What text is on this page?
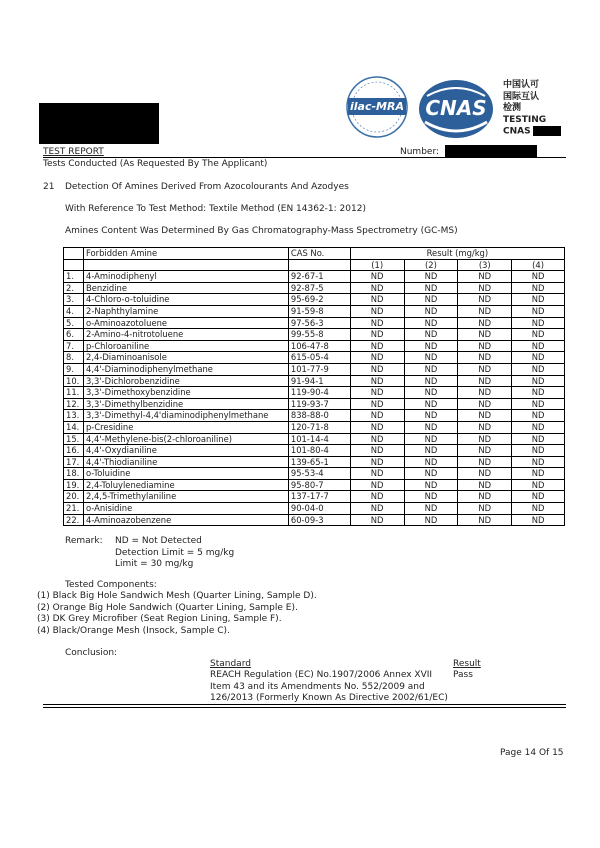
ilac-MRA	CNAS
中国认可
国际互认
检测
TESTING
CNAS
TEST REPORT	Number:
Tests Conducted (As Requested By The Applicant)
21 Detection Of Amines Derived From Azocolourants And Azodyes
With Reference To Test Method: Textile Method (EN 14362-1: 2012)
Amines Content Was Determined By Gas Chromatography-Mass Spectrometry (GC-MS)
	Forbidden Amine	CAS No.	Result (mg/kg)			
			(1)	(2)	(3)	(4)
1.	4-Aminodiphenyl	92-67-1	ND	ND	ND	ND
2.	Benzidine	92-87-5	ND	ND	ND	ND
3.	4-Chloro-o-toluidine	95-69-2	ND	ND	ND	ND
4.	2-Naphthylamine	91-59-8	ND	ND	ND	ND
5.	o-Aminoazotoluene	97-56-3	ND	ND	ND	ND
6.	2-Amino-4-nitrotoluene	99-55-8	ND	ND	ND	ND
7.	p-Chloroaniline	106-47-8	ND	ND	ND	ND
8.	2,4-Diaminoanisole	615-05-4	ND	ND	ND	ND
9.	4,4'-Diaminodiphenylmethane	101-77-9	ND	ND	ND	ND
10.	3,3'-Dichlorobenzidine	91-94-1	ND	ND	ND	ND
11.	3,3'-Dimethoxybenzidine	119-90-4	ND	ND	ND	ND
12.	3,3'-Dimethylbenzidine	119-93-7	ND	ND	ND	ND
13.	3,3'-Dimethyl-4,4'diaminodiphenylmethane	838-88-0	ND	ND	ND	ND
14.	p-Cresidine	120-71-8	ND	ND	ND	ND
15.	4,4'-Methylene-bis(2-chloroaniline)	101-14-4	ND	ND	ND	ND
16.	4,4'-Oxydianiline	101-80-4	ND	ND	ND	ND
17.	4,4'-Thiodianiline	139-65-1	ND	ND	ND	ND
18.	o-Toluidine	95-53-4	ND	ND	ND	ND
19.	2,4-Toluylenediamine	95-80-7	ND	ND	ND	ND
20.	2,4,5-Trimethylaniline	137-17-7	ND	ND	ND	ND
21.	o-Anisidine	90-04-0	ND	ND	ND	ND
22.	4-Aminoazobenzene	60-09-3	ND	ND	ND	ND
Remark: ND = Not Detected
Detection Limit = 5 mg/kg
Limit = 30 mg/kg
Tested Components:
(1) Black Big Hole Sandwich Mesh (Quarter Lining, Sample D).
(2) Orange Big Hole Sandwich (Quarter Lining, Sample E).
(3) DK Grey Microfiber (Seat Region Lining, Sample F).
(4) Black/Orange Mesh (Insock, Sample C).
Conclusion:
Standard	Result
REACH Regulation (EC) No.1907/2006 Annex XVII
Item 43 and its Amendments No. 552/2009 and
126/2013 (Formerly Known As Directive 2002/61/EC)
Pass
Page 14 Of 15
